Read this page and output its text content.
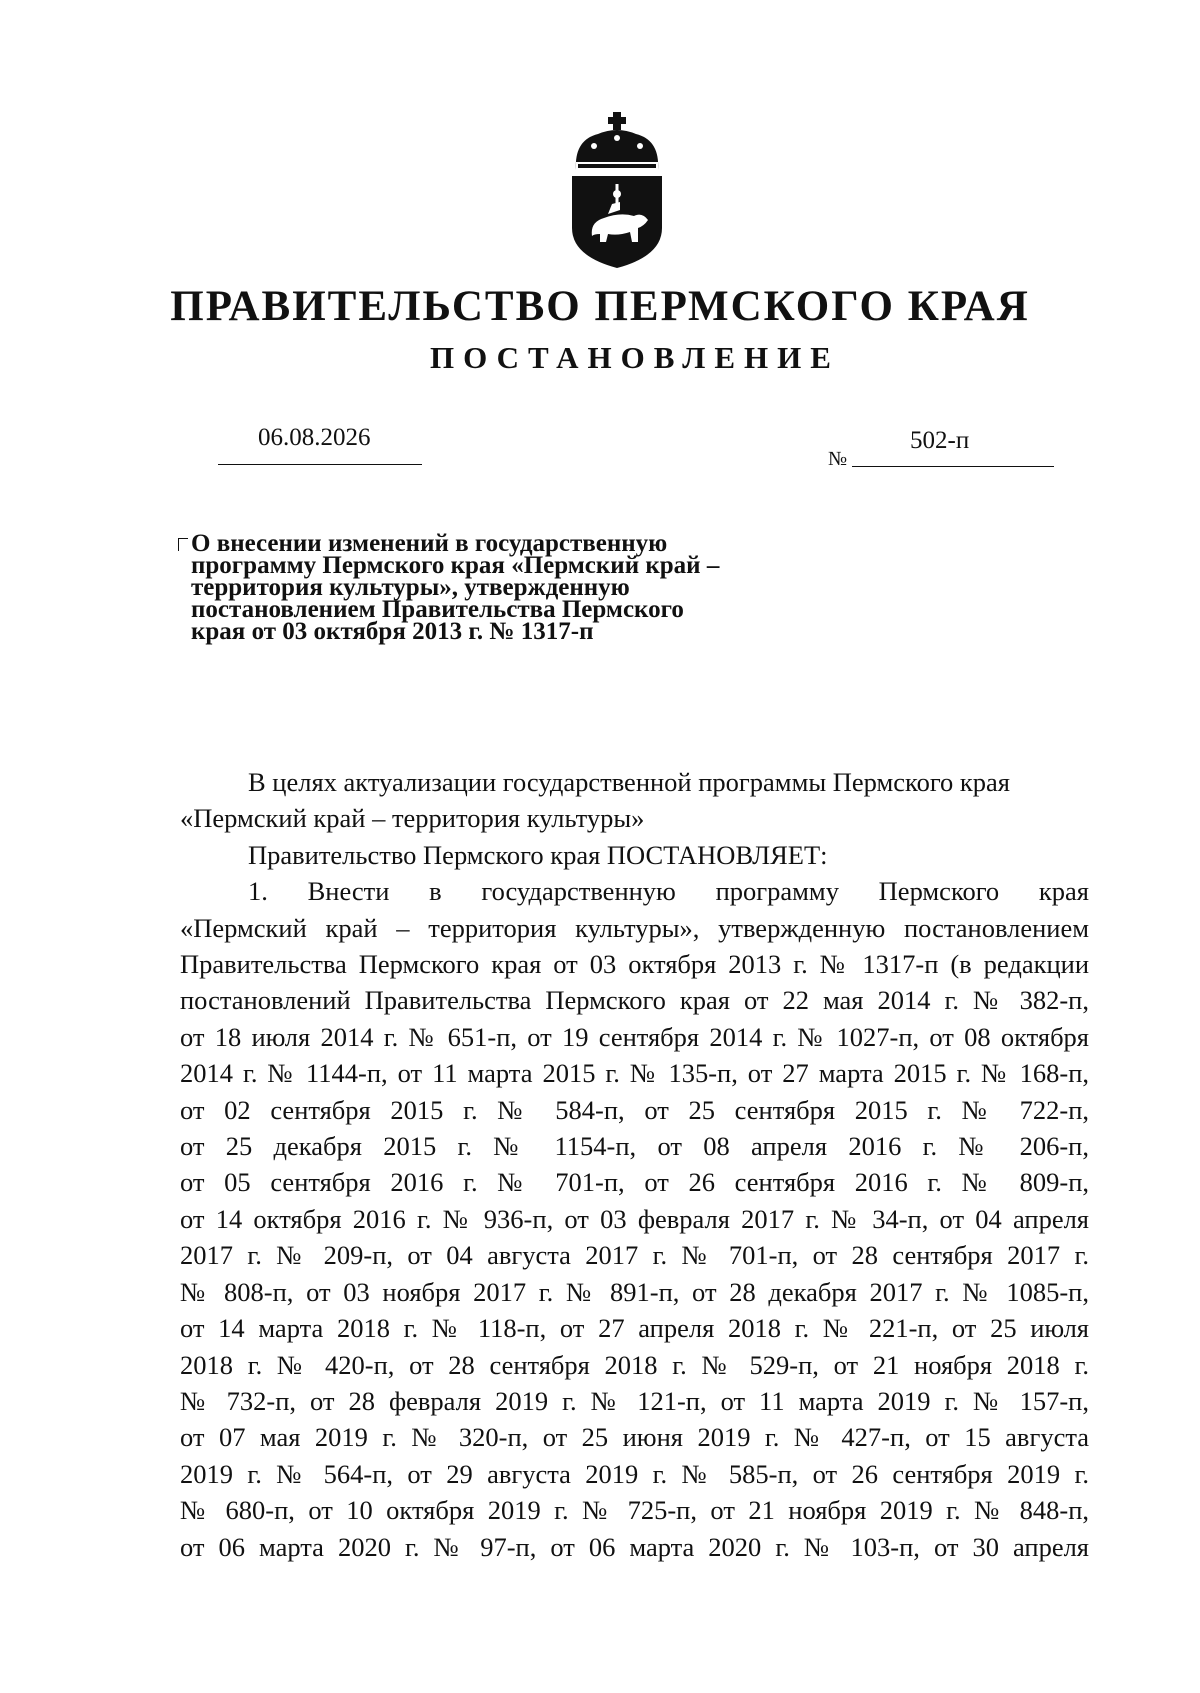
ПРАВИТЕЛЬСТВО ПЕРМСКОГО КРАЯ
ПОСТАНОВЛЕНИЕ
06.08.2026
№
502-п
О внесении изменений в государственную
программу Пермского края «Пермский край –
территория культуры», утвержденную
постановлением Правительства Пермского
края от 03 октября 2013 г. № 1317-п
В целях актуализации государственной программы Пермского края
«Пермский край – территория культуры»
Правительство Пермского края ПОСТАНОВЛЯЕТ:
1. Внести в государственную программу Пермского края
«Пермский край – территория культуры», утвержденную постановлением
Правительства Пермского края от 03 октября 2013 г. № 1317-п (в редакции
постановлений Правительства Пермского края от 22 мая 2014 г. № 382-п,
от 18 июля 2014 г. № 651-п, от 19 сентября 2014 г. № 1027-п, от 08 октября
2014 г. № 1144-п, от 11 марта 2015 г. № 135-п, от 27 марта 2015 г. № 168-п,
от 02 сентября 2015 г. № 584-п, от 25 сентября 2015 г. № 722-п,
от 25 декабря 2015 г. № 1154-п, от 08 апреля 2016 г. № 206-п,
от 05 сентября 2016 г. № 701-п, от 26 сентября 2016 г. № 809-п,
от 14 октября 2016 г. № 936-п, от 03 февраля 2017 г. № 34-п, от 04 апреля
2017 г. № 209-п, от 04 августа 2017 г. № 701-п, от 28 сентября 2017 г.
№ 808-п, от 03 ноября 2017 г. № 891-п, от 28 декабря 2017 г. № 1085-п,
от 14 марта 2018 г. № 118-п, от 27 апреля 2018 г. № 221-п, от 25 июля
2018 г. № 420-п, от 28 сентября 2018 г. № 529-п, от 21 ноября 2018 г.
№ 732-п, от 28 февраля 2019 г. № 121-п, от 11 марта 2019 г. № 157-п,
от 07 мая 2019 г. № 320-п, от 25 июня 2019 г. № 427-п, от 15 августа
2019 г. № 564-п, от 29 августа 2019 г. № 585-п, от 26 сентября 2019 г.
№ 680-п, от 10 октября 2019 г. № 725-п, от 21 ноября 2019 г. № 848-п,
от 06 марта 2020 г. № 97-п, от 06 марта 2020 г. № 103-п, от 30 апреля
